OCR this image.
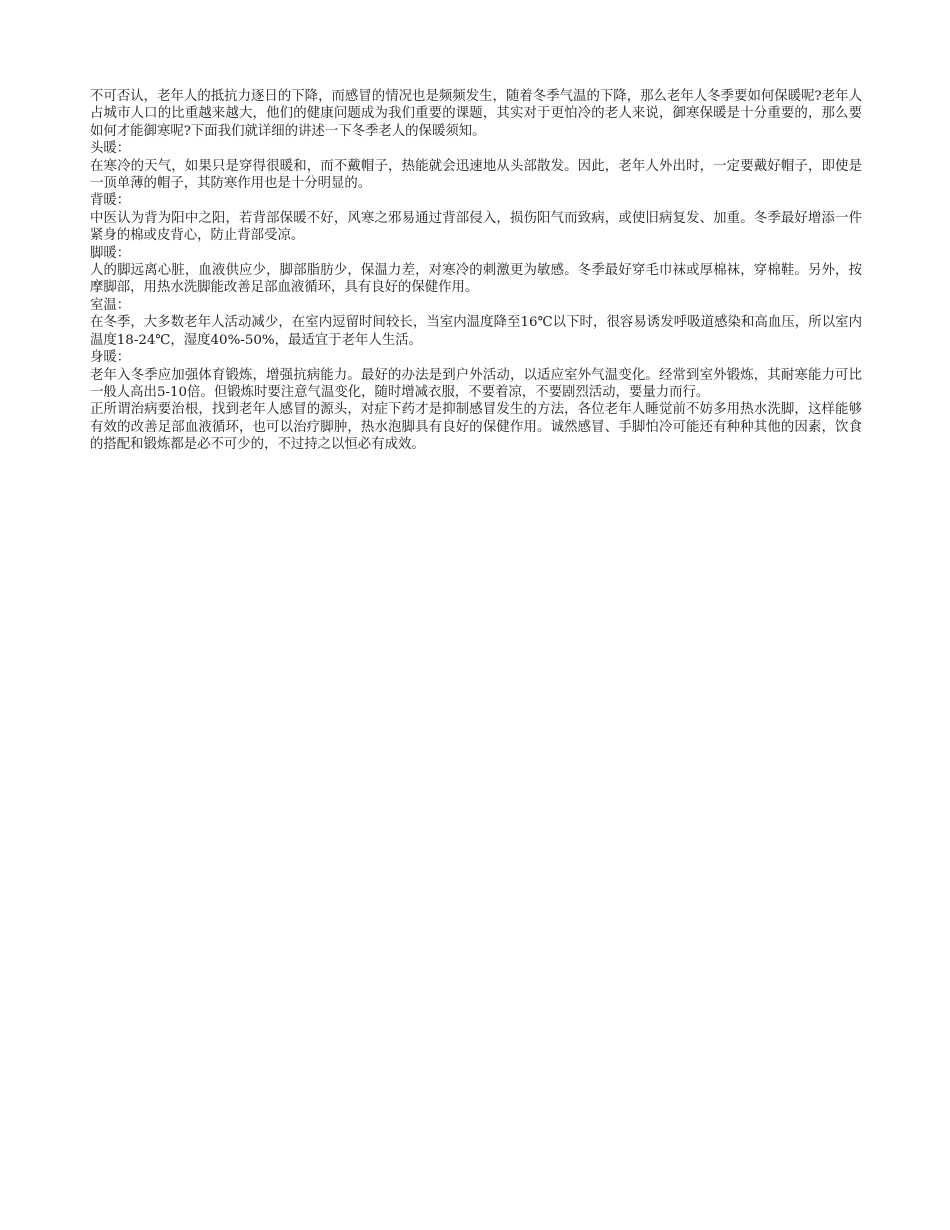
不可否认，老年人的抵抗力逐日的下降，而感冒的情况也是频频发生，随着冬季气温的下降，那么老年人冬季要如何保暖呢?老年人占城市人口的比重越来越大，他们的健康问题成为我们重要的课题，其实对于更怕冷的老人来说，御寒保暖是十分重要的，那么要如何才能御寒呢?下面我们就详细的讲述一下冬季老人的保暖须知。

头暖：

在寒冷的天气，如果只是穿得很暖和，而不戴帽子，热能就会迅速地从头部散发。因此，老年人外出时，一定要戴好帽子，即使是一顶单薄的帽子，其防寒作用也是十分明显的。

背暖：

中医认为背为阳中之阳，若背部保暖不好，风寒之邪易通过背部侵入，损伤阳气而致病，或使旧病复发、加重。冬季最好增添一件紧身的棉或皮背心，防止背部受凉。

脚暖：

人的脚远离心脏，血液供应少，脚部脂肪少，保温力差，对寒冷的刺激更为敏感。冬季最好穿毛巾袜或厚棉袜，穿棉鞋。另外，按摩脚部，用热水洗脚能改善足部血液循环，具有良好的保健作用。

室温：

在冬季，大多数老年人活动减少，在室内逗留时间较长，当室内温度降至16℃以下时，很容易诱发呼吸道感染和高血压，所以室内温度18-24℃，湿度40%-50%，最适宜于老年人生活。

身暖：

老年入冬季应加强体育锻炼，增强抗病能力。最好的办法是到户外活动，以适应室外气温变化。经常到室外锻炼，其耐寒能力可比一般人高出5-10倍。但锻炼时要注意气温变化，随时增减衣服，不要着凉，不要剧烈活动，要量力而行。

正所谓治病要治根，找到老年人感冒的源头，对症下药才是抑制感冒发生的方法，各位老年人睡觉前不妨多用热水洗脚，这样能够有效的改善足部血液循环，也可以治疗脚肿，热水泡脚具有良好的保健作用。诚然感冒、手脚怕冷可能还有种种其他的因素，饮食的搭配和锻炼都是必不可少的，不过持之以恒必有成效。
